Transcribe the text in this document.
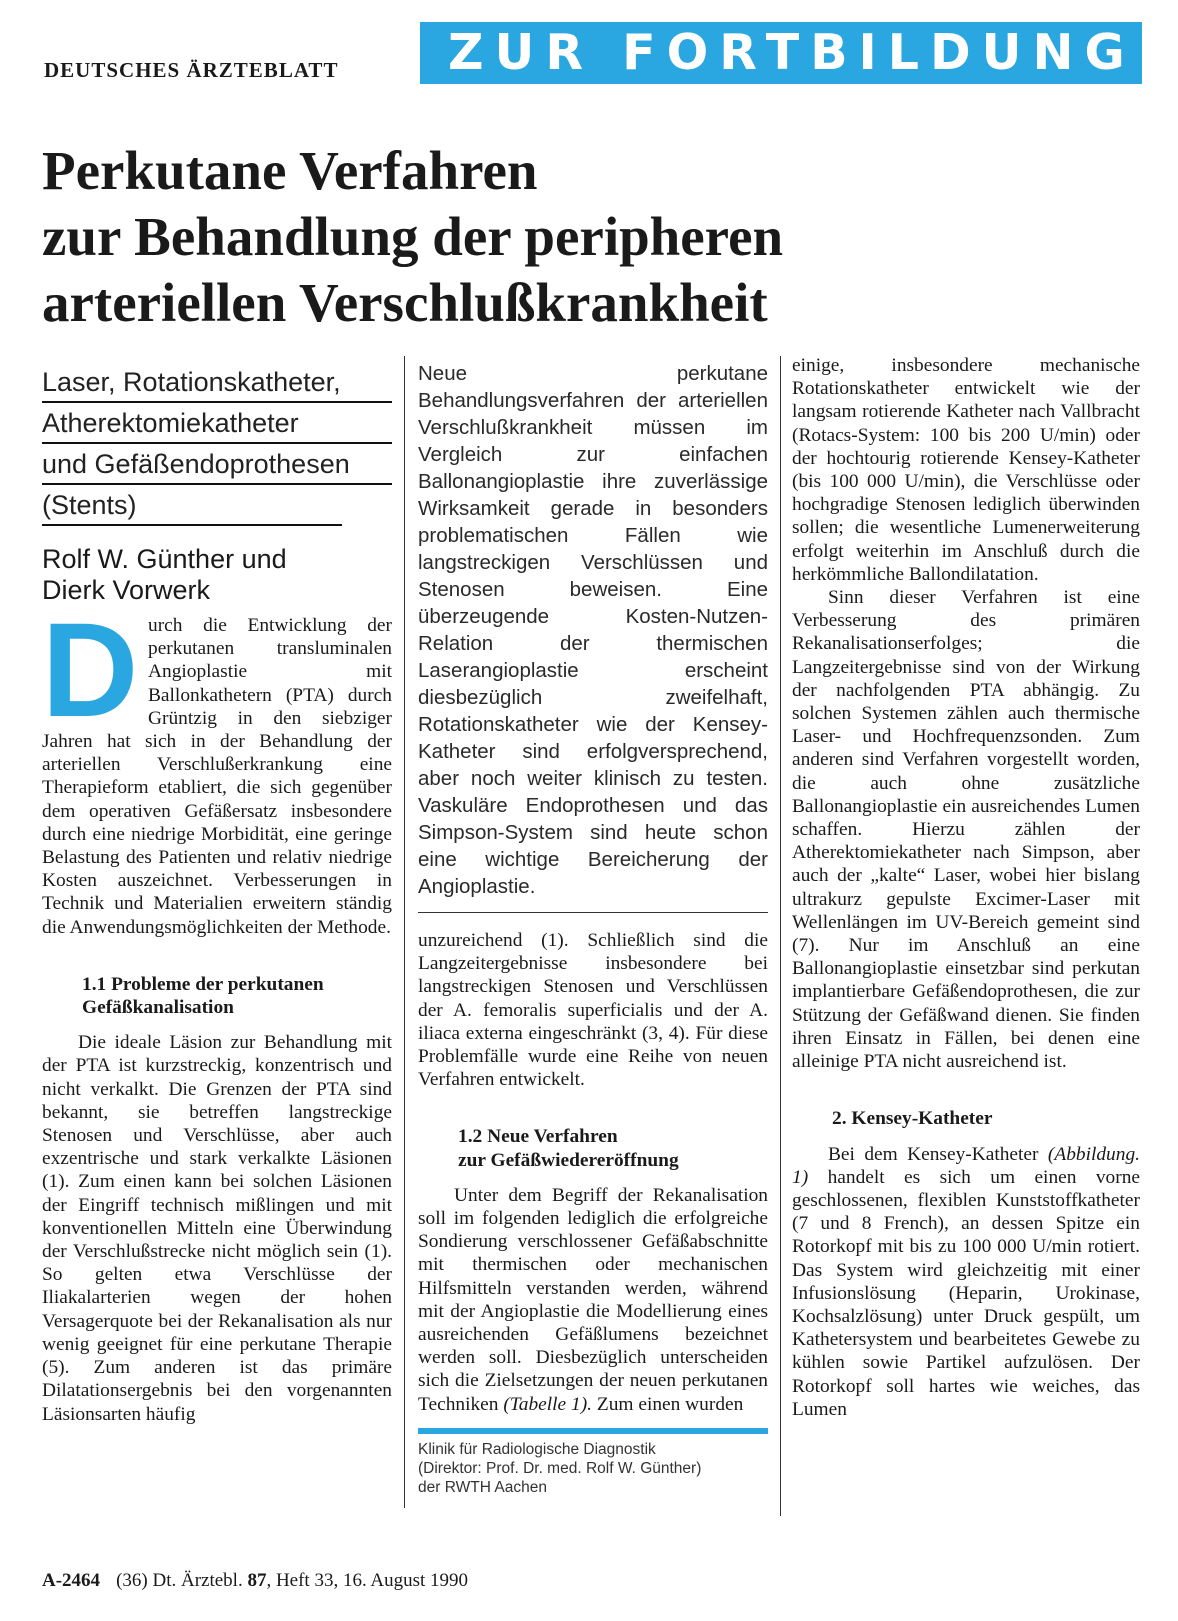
DEUTSCHES ÄRZTEBLATT	ZUR FORTBILDUNG
Perkutane Verfahren
zur Behandlung der peripheren
arteriellen Verschlußkrankheit
Laser, Rotationskatheter,
Atherektomiekatheter
und Gefäßendoprothesen
(Stents)
Rolf W. Günther und
Dierk Vorwerk
D urch die Entwicklung der perkutanen transluminalen Angioplastie mit Ballonkathetern (PTA) durch Grüntzig in den siebziger Jahren hat sich in der Behandlung der arteriellen Verschlußerkrankung eine Therapieform etabliert, die sich gegenüber dem operativen Gefäßersatz insbesondere durch eine niedrige Morbidität, eine geringe Belastung des Patienten und relativ niedrige Kosten auszeichnet. Verbesserungen in Technik und Materialien erweitern ständig die Anwendungsmöglichkeiten der Methode.

1.1 Probleme der perkutanen
Gefäßkanalisation

Die ideale Läsion zur Behandlung mit der PTA ist kurzstreckig, konzentrisch und nicht verkalkt. Die Grenzen der PTA sind bekannt, sie betreffen langstreckige Stenosen und Verschlüsse, aber auch exzentrische und stark verkalkte Läsionen (1). Zum einen kann bei solchen Läsionen der Eingriff technisch mißlingen und mit konventionellen Mitteln eine Überwindung der Verschlußstrecke nicht möglich sein (1). So gelten etwa Verschlüsse der Iliakalarterien wegen der hohen Versagerquote bei der Rekanalisation als nur wenig geeignet für eine perkutane Therapie (5). Zum anderen ist das primäre Dilatationsergebnis bei den vorgenannten Läsionsarten häufig

Neue perkutane Behandlungsverfahren der arteriellen Verschlußkrankheit müssen im Vergleich zur einfachen Ballonangioplastie ihre zuverlässige Wirksamkeit gerade in besonders problematischen Fällen wie langstreckigen Verschlüssen und Stenosen beweisen. Eine überzeugende Kosten-Nutzen-Relation der thermischen Laserangioplastie erscheint diesbezüglich zweifelhaft, Rotationskatheter wie der Kensey-Katheter sind erfolgversprechend, aber noch weiter klinisch zu testen. Vaskuläre Endoprothesen und das Simpson-System sind heute schon eine wichtige Bereicherung der Angioplastie.

unzureichend (1). Schließlich sind die Langzeitergebnisse insbesondere bei langstreckigen Stenosen und Verschlüssen der A. femoralis superficialis und der A. iliaca externa eingeschränkt (3, 4). Für diese Problemfälle wurde eine Reihe von neuen Verfahren entwickelt.

1.2 Neue Verfahren
zur Gefäßwiedereröffnung

Unter dem Begriff der Rekanalisation soll im folgenden lediglich die erfolgreiche Sondierung verschlossener Gefäßabschnitte mit thermischen oder mechanischen Hilfsmitteln verstanden werden, während mit der Angioplastie die Modellierung eines ausreichenden Gefäßlumens bezeichnet werden soll. Diesbezüglich unterscheiden sich die Zielsetzungen der neuen perkutanen Techniken (Tabelle 1). Zum einen wurden

Klinik für Radiologische Diagnostik
(Direktor: Prof. Dr. med. Rolf W. Günther)
der RWTH Aachen

einige, insbesondere mechanische Rotationskatheter entwickelt wie der langsam rotierende Katheter nach Vallbracht (Rotacs-System: 100 bis 200 U/min) oder der hochtourig rotierende Kensey-Katheter (bis 100 000 U/min), die Verschlüsse oder hochgradige Stenosen lediglich überwinden sollen; die wesentliche Lumenerweiterung erfolgt weiterhin im Anschluß durch die herkömmliche Ballondilatation.

Sinn dieser Verfahren ist eine Verbesserung des primären Rekanalisationserfolges; die Langzeitergebnisse sind von der Wirkung der nachfolgenden PTA abhängig. Zu solchen Systemen zählen auch thermische Laser- und Hochfrequenzsonden. Zum anderen sind Verfahren vorgestellt worden, die auch ohne zusätzliche Ballonangioplastie ein ausreichendes Lumen schaffen. Hierzu zählen der Atherektomiekatheter nach Simpson, aber auch der „kalte“ Laser, wobei hier bislang ultrakurz gepulste Excimer-Laser mit Wellenlängen im UV-Bereich gemeint sind (7). Nur im Anschluß an eine Ballonangioplastie einsetzbar sind perkutan implantierbare Gefäßendoprothesen, die zur Stützung der Gefäßwand dienen. Sie finden ihren Einsatz in Fällen, bei denen eine alleinige PTA nicht ausreichend ist.

2. Kensey-Katheter

Bei dem Kensey-Katheter (Abbildung. 1) handelt es sich um einen vorne geschlossenen, flexiblen Kunststoffkatheter (7 und 8 French), an dessen Spitze ein Rotorkopf mit bis zu 100 000 U/min rotiert. Das System wird gleichzeitig mit einer Infusionslösung (Heparin, Urokinase, Kochsalzlösung) unter Druck gespült, um Kathetersystem und bearbeitetes Gewebe zu kühlen sowie Partikel aufzulösen. Der Rotorkopf soll hartes wie weiches, das Lumen

A-2464 (36) Dt. Ärztebl. 87, Heft 33, 16. August 1990
